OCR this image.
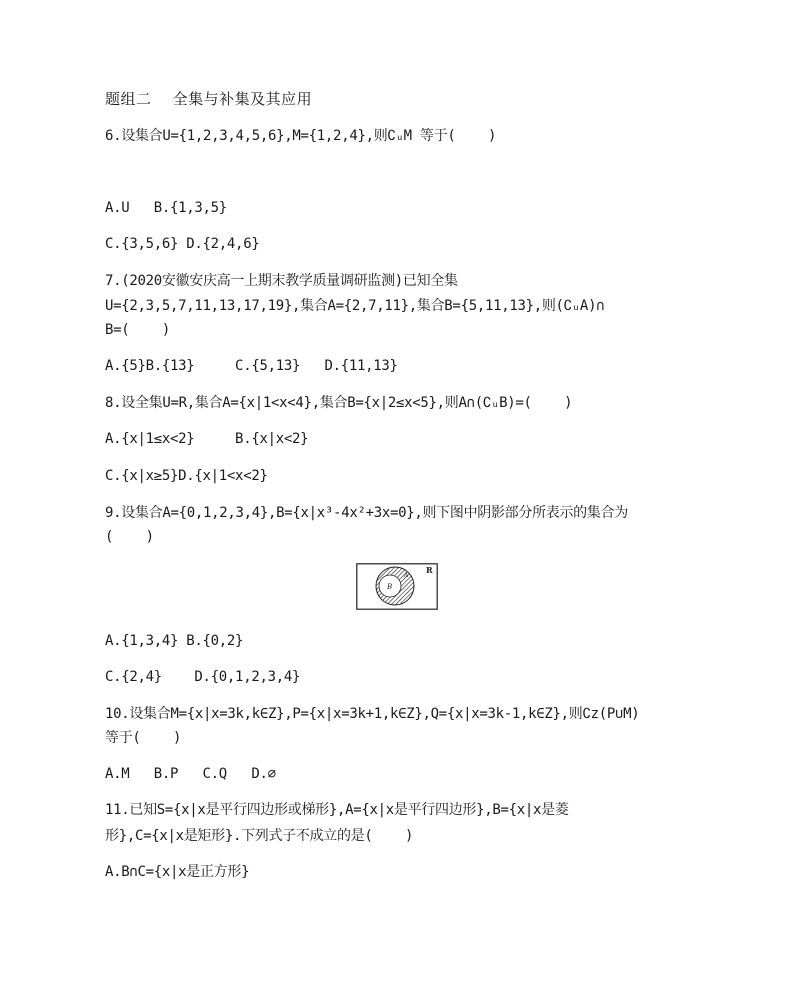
题组二    全集与补集及其应用
6.设集合U={1,2,3,4,5,6},M={1,2,4},则∁ᵤM 等于(    )
A.U   B.{1,3,5}
C.{3,5,6} D.{2,4,6}
7.(2020安徽安庆高一上期末教学质量调研监测)已知全集
U={2,3,5,7,11,13,17,19},集合A={2,7,11},集合B={5,11,13},则(∁ᵤA)∩
B=(    )
A.{5}B.{13}     C.{5,13}   D.{11,13}
8.设全集U=R,集合A={x|1<x<4},集合B={x|2≤x<5},则A∩(∁ᵤB)=(    )
A.{x|1≤x<2}     B.{x|x<2}
C.{x|x≥5}D.{x|1<x<2}
9.设集合A={0,1,2,3,4},B={x|x³-4x²+3x=0},则下图中阴影部分所表示的集合为
(    )
R
B
A
A.{1,3,4} B.{0,2}
C.{2,4}    D.{0,1,2,3,4}
10.设集合M={x|x=3k,k∈Z},P={x|x=3k+1,k∈Z},Q={x|x=3k-1,k∈Z},则∁z(P∪M)
等于(    )
A.M   B.P   C.Q   D.⌀
11.已知S={x|x是平行四边形或梯形},A={x|x是平行四边形},B={x|x是菱
形},C={x|x是矩形}.下列式子不成立的是(    )
A.B∩C={x|x是正方形}
